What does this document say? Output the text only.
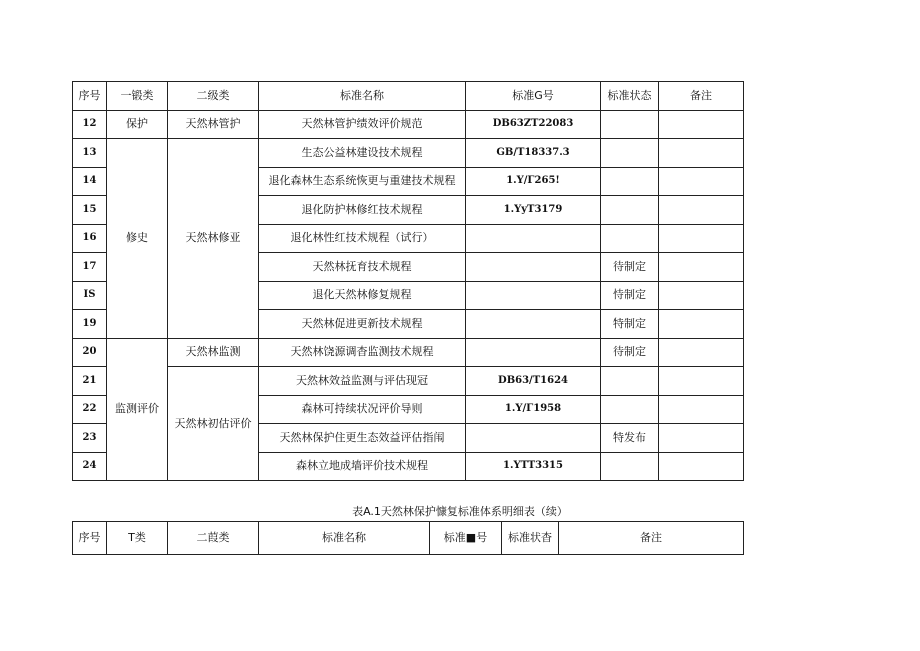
序号	一锻类	二级类	标准名称	标准G号	标准状态	备注
12	保护	天然林管护	天然林管护绩效评价规范	DB63ZT22083		
13	修史	天然林修亚	生态公益林建设技术规程	GB/T18337.3		
14			退化森林生态系统恢更与重建技术规程	1.Y/Γ265!		
15			退化防护林修红技术规程	1.YyT3179		
16			退化林性红技术规程（试行）			
17			天然林抚育技术规程		待制定	
IS			退化天然林修复规程		恃制定	
19			天然林促进更新技术规程		特制定	
20	监测评价	天然林监测	天然林饶源调杳监测技术规程		待制定	
21		天然林初估评价	天然林效益监测与评估现冠	DB63/T1624		
22			森林可持续状况评价导则	1.Y/Γ1958		
23			天然林保护住更生态效益评估指闱		特发布	
24			森林立地成墙评价技术规程	1.YTT3315		
表A.1天然林保护慷复标准体系明细表（续）
序号	T类	二葭类	标准名称	标准■号	标准状杳	备注
